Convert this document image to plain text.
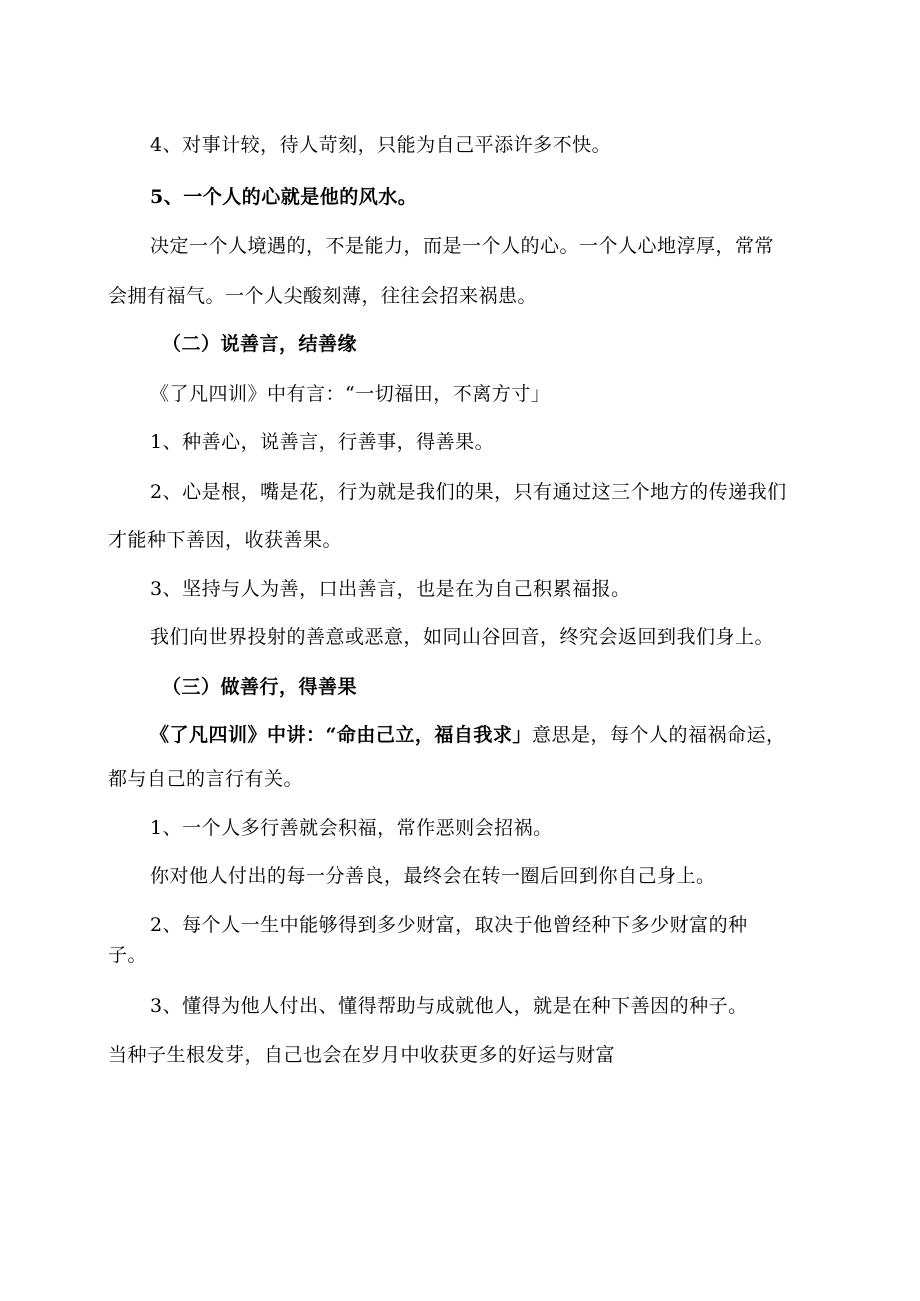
4、对事计较，待人苛刻，只能为自己平添许多不快。
5、一个人的心就是他的风水。
决定一个人境遇的，不是能力，而是一个人的心。一个人心地淳厚，常常
会拥有福气。一个人尖酸刻薄，往往会招来祸患。
（二）说善言，结善缘
《了凡四训》中有言：“一切福田，不离方寸」
1、种善心，说善言，行善事，得善果。
2、心是根，嘴是花，行为就是我们的果，只有通过这三个地方的传递我们
才能种下善因，收获善果。
3、坚持与人为善，口出善言，也是在为自己积累福报。
我们向世界投射的善意或恶意，如同山谷回音，终究会返回到我们身上。
（三）做善行，得善果
《了凡四训》中讲：“命由己立，福自我求」意思是，每个人的福祸命运，
都与自己的言行有关。
1、一个人多行善就会积福，常作恶则会招祸。
你对他人付出的每一分善良，最终会在转一圈后回到你自己身上。
2、每个人一生中能够得到多少财富，取决于他曾经种下多少财富的种
子。
3、懂得为他人付出、懂得帮助与成就他人，就是在种下善因的种子。
当种子生根发芽，自己也会在岁月中收获更多的好运与财富
